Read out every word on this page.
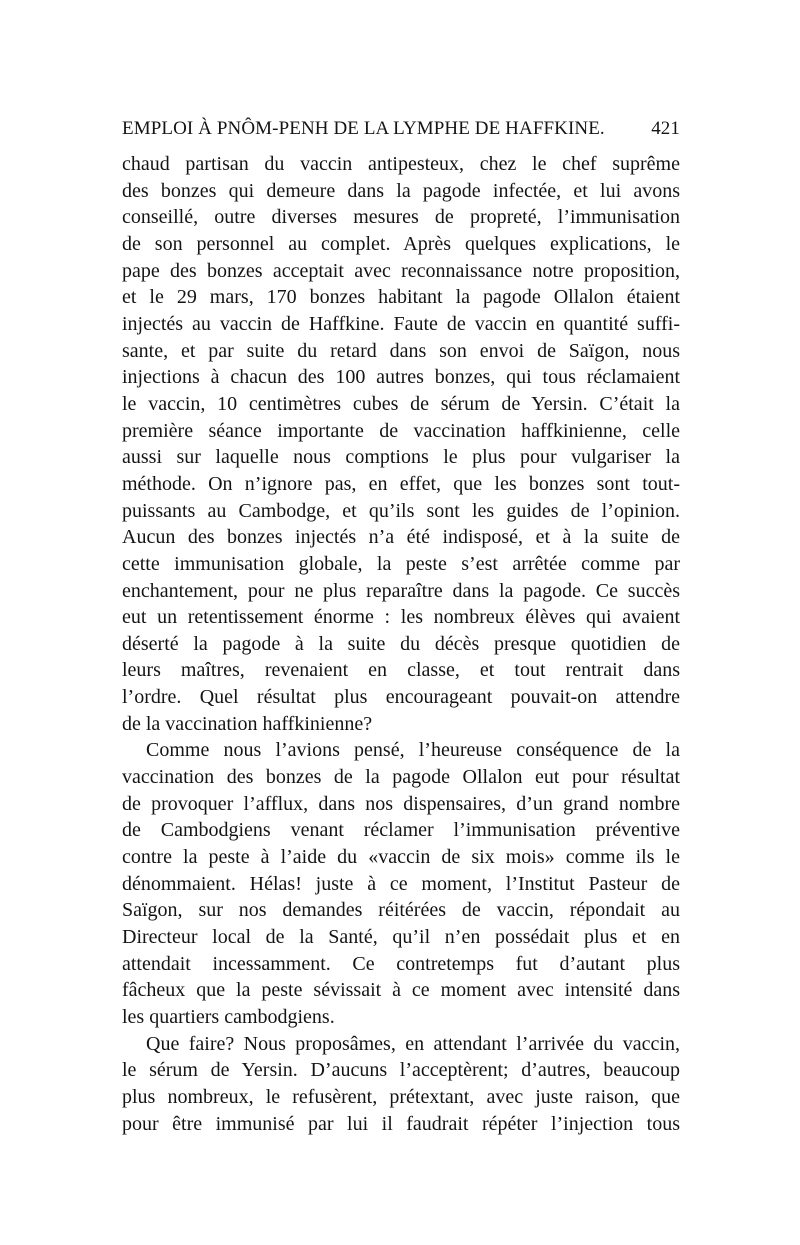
EMPLOI À PNÔM-PENH DE LA LYMPHE DE HAFFKINE. 421
chaud partisan du vaccin antipesteux, chez le chef suprême
des bonzes qui demeure dans la pagode infectée, et lui avons
conseillé, outre diverses mesures de propreté, l’immunisation
de son personnel au complet. Après quelques explications, le
pape des bonzes acceptait avec reconnaissance notre proposition,
et le 29 mars, 170 bonzes habitant la pagode Ollalon étaient
injectés au vaccin de Haffkine. Faute de vaccin en quantité suffi-
sante, et par suite du retard dans son envoi de Saïgon, nous
injections à chacun des 100 autres bonzes, qui tous réclamaient
le vaccin, 10 centimètres cubes de sérum de Yersin. C’était la
première séance importante de vaccination haffkinienne, celle
aussi sur laquelle nous comptions le plus pour vulgariser la
méthode. On n’ignore pas, en effet, que les bonzes sont tout-
puissants au Cambodge, et qu’ils sont les guides de l’opinion.
Aucun des bonzes injectés n’a été indisposé, et à la suite de
cette immunisation globale, la peste s’est arrêtée comme par
enchantement, pour ne plus reparaître dans la pagode. Ce succès
eut un retentissement énorme : les nombreux élèves qui avaient
déserté la pagode à la suite du décès presque quotidien de
leurs maîtres, revenaient en classe, et tout rentrait dans
l’ordre. Quel résultat plus encourageant pouvait-on attendre
de la vaccination haffkinienne?
Comme nous l’avions pensé, l’heureuse conséquence de la
vaccination des bonzes de la pagode Ollalon eut pour résultat
de provoquer l’afflux, dans nos dispensaires, d’un grand nombre
de Cambodgiens venant réclamer l’immunisation préventive
contre la peste à l’aide du «vaccin de six mois» comme ils le
dénommaient. Hélas! juste à ce moment, l’Institut Pasteur de
Saïgon, sur nos demandes réitérées de vaccin, répondait au
Directeur local de la Santé, qu’il n’en possédait plus et en
attendait incessamment. Ce contretemps fut d’autant plus
fâcheux que la peste sévissait à ce moment avec intensité dans
les quartiers cambodgiens.
Que faire? Nous proposâmes, en attendant l’arrivée du vaccin,
le sérum de Yersin. D’aucuns l’acceptèrent; d’autres, beaucoup
plus nombreux, le refusèrent, prétextant, avec juste raison, que
pour être immunisé par lui il faudrait répéter l’injection tous
